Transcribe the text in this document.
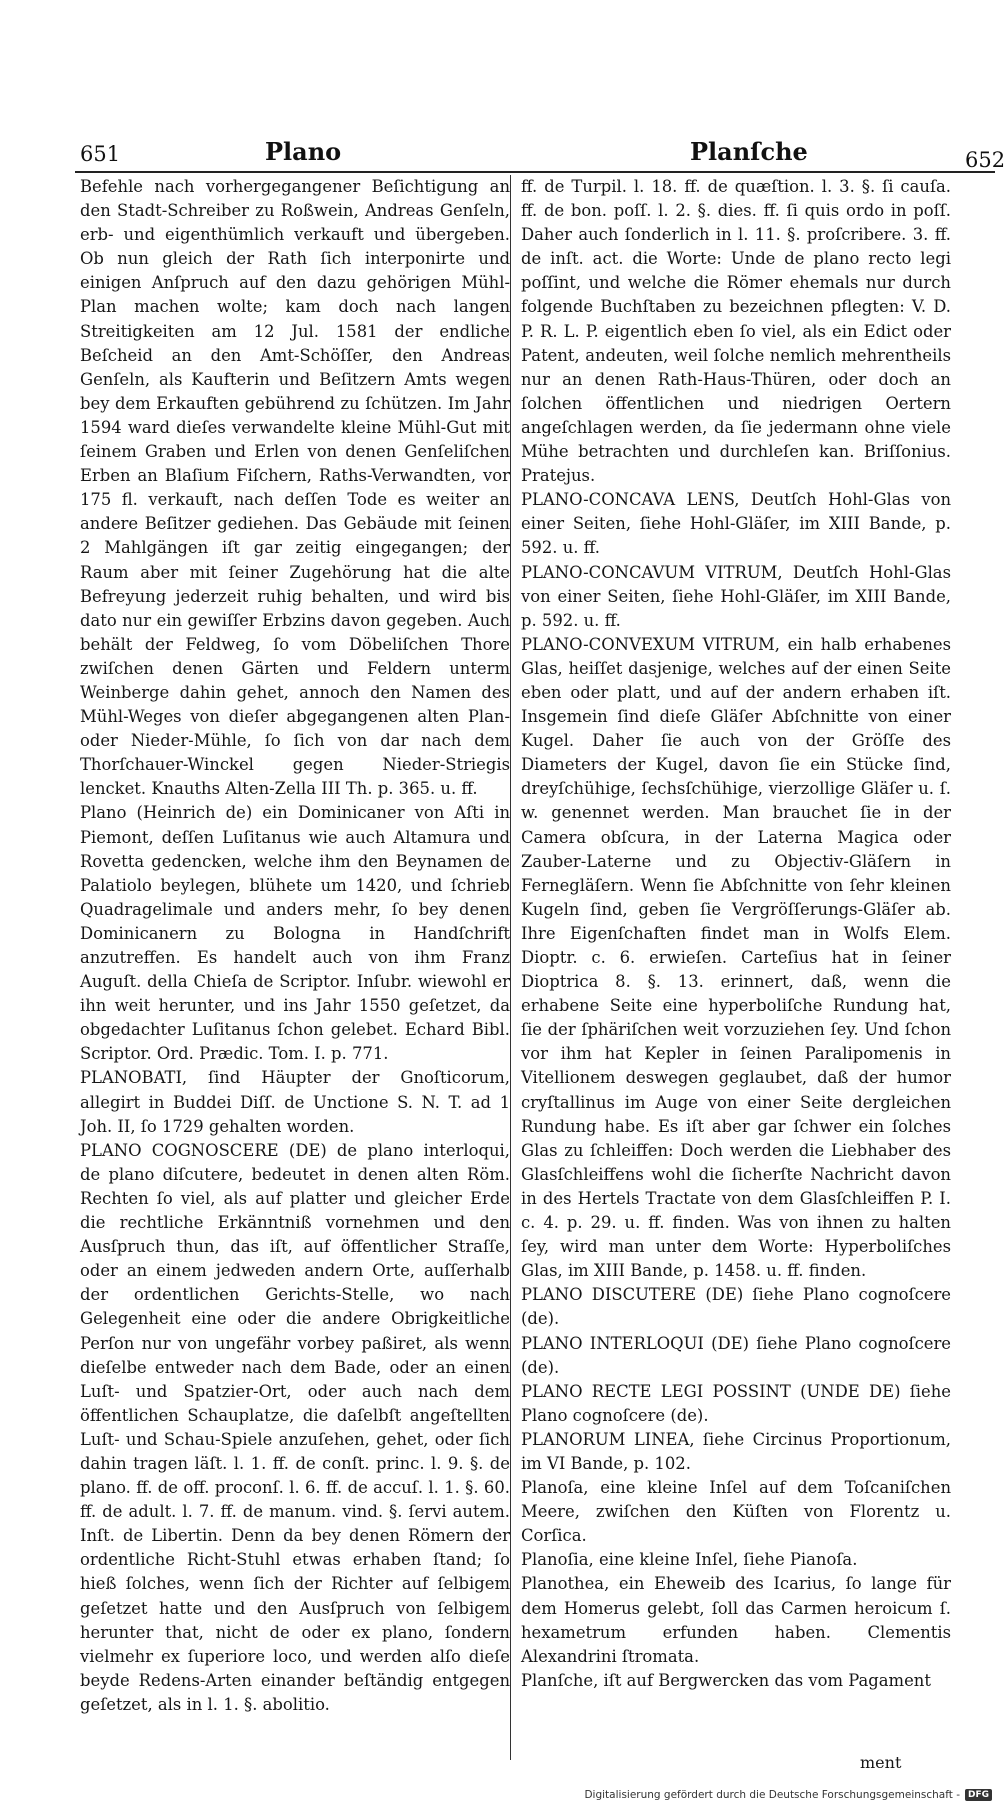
651	Plano	Planſche	652

Befehle nach vorhergegangener Beſichtigung an den Stadt-Schreiber zu Roßwein, Andreas Genſeln, erb- und eigenthümlich verkauft und übergeben. Ob nun gleich der Rath ſich interponirte und einigen Anſpruch auf den dazu gehörigen Mühl-Plan machen wolte; kam doch nach langen Streitigkeiten am 12 Jul. 1581 der endliche Beſcheid an den Amt-Schöſſer, den Andreas Genſeln, als Kaufterin und Beſitzern Amts wegen bey dem Erkauften gebührend zu ſchützen. Im Jahr 1594 ward dieſes verwandelte kleine Mühl-Gut mit ſeinem Graben und Erlen von denen Genſeliſchen Erben an Blaſium Fiſchern, Raths-Verwandten, vor 175 fl. verkauft, nach deſſen Tode es weiter an andere Beſitzer gediehen. Das Gebäude mit ſeinen 2 Mahlgängen iſt gar zeitig eingegangen; der Raum aber mit ſeiner Zugehörung hat die alte Befreyung jederzeit ruhig behalten, und wird bis dato nur ein gewiſſer Erbzins davon gegeben. Auch behält der Feldweg, ſo vom Döbeliſchen Thore zwiſchen denen Gärten und Feldern unterm Weinberge dahin gehet, annoch den Namen des Mühl-Weges von dieſer abgegangenen alten Plan- oder Nieder-Mühle, ſo ſich von dar nach dem Thorſchauer-Winckel gegen Nieder-Striegis lencket. Knauths Alten-Zella III Th. p. 365. u. ff.

Plano (Heinrich de) ein Dominicaner von Aſti in Piemont, deſſen Luſitanus wie auch Altamura und Rovetta gedencken, welche ihm den Beynamen de Palatiolo beylegen, blühete um 1420, und ſchrieb Quadragelimale und anders mehr, ſo bey denen Dominicanern zu Bologna in Handſchrift anzutreffen. Es handelt auch von ihm Franz Auguſt. della Chieſa de Scriptor. Inſubr. wiewohl er ihn weit herunter, und ins Jahr 1550 geſetzet, da obgedachter Luſitanus ſchon gelebet. Echard Bibl. Scriptor. Ord. Prædic. Tom. I. p. 771.

PLANOBATI, ſind Häupter der Gnoſticorum, allegirt in Buddei Diſſ. de Unctione S. N. T. ad 1 Joh. II, ſo 1729 gehalten worden.

PLANO COGNOSCERE (DE) de plano interloqui, de plano diſcutere, bedeutet in denen alten Röm. Rechten ſo viel, als auf platter und gleicher Erde die rechtliche Erkänntniß vornehmen und den Ausſpruch thun, das iſt, auf öffentlicher Straſſe, oder an einem jedweden andern Orte, auſſerhalb der ordentlichen Gerichts-Stelle, wo nach Gelegenheit eine oder die andere Obrigkeitliche Perſon nur von ungefähr vorbey paßiret, als wenn dieſelbe entweder nach dem Bade, oder an einen Luſt- und Spatzier-Ort, oder auch nach dem öffentlichen Schauplatze, die daſelbſt angeſtellten Luſt- und Schau-Spiele anzuſehen, gehet, oder ſich dahin tragen läſt. l. 1. ff. de conſt. princ. l. 9. §. de plano. ff. de off. proconſ. l. 6. ff. de accuſ. l. 1. §. 60. ff. de adult. l. 7. ff. de manum. vind. §. ſervi autem. Inſt. de Libertin. Denn da bey denen Römern der ordentliche Richt-Stuhl etwas erhaben ſtand; ſo hieß ſolches, wenn ſich der Richter auf ſelbigem geſetzet hatte und den Ausſpruch von ſelbigem herunter that, nicht de oder ex plano, ſondern vielmehr ex ſuperiore loco, und werden alſo dieſe beyde Redens-Arten einander beſtändig entgegen geſetzet, als in l. 1. §. abolitio.

ff. de Turpil. l. 18. ff. de quæſtion. l. 3. §. ſi cauſa. ff. de bon. poſſ. l. 2. §. dies. ff. ſi quis ordo in poſſ. Daher auch ſonderlich in l. 11. §. proſcribere. 3. ff. de inſt. act. die Worte: Unde de plano recto legi poſſint, und welche die Römer ehemals nur durch folgende Buchſtaben zu bezeichnen pflegten: V. D. P. R. L. P. eigentlich eben ſo viel, als ein Edict oder Patent, andeuten, weil ſolche nemlich mehrentheils nur an denen Rath-Haus-Thüren, oder doch an ſolchen öffentlichen und niedrigen Oertern angeſchlagen werden, da ſie jedermann ohne viele Mühe betrachten und durchleſen kan. Briſſonius. Pratejus.

PLANO-CONCAVA LENS, Deutſch Hohl-Glas von einer Seiten, ſiehe Hohl-Gläſer, im XIII Bande, p. 592. u. ff.

PLANO-CONCAVUM VITRUM, Deutſch Hohl-Glas von einer Seiten, ſiehe Hohl-Gläſer, im XIII Bande, p. 592. u. ff.

PLANO-CONVEXUM VITRUM, ein halb erhabenes Glas, heiſſet dasjenige, welches auf der einen Seite eben oder platt, und auf der andern erhaben iſt. Insgemein ſind dieſe Gläſer Abſchnitte von einer Kugel. Daher ſie auch von der Gröſſe des Diameters der Kugel, davon ſie ein Stücke ſind, dreyſchühige, ſechsſchühige, vierzollige Gläſer u. ſ. w. genennet werden. Man brauchet ſie in der Camera obſcura, in der Laterna Magica oder Zauber-Laterne und zu Objectiv-Gläſern in Fernegläſern. Wenn ſie Abſchnitte von ſehr kleinen Kugeln ſind, geben ſie Vergröſſerungs-Gläſer ab. Ihre Eigenſchaften findet man in Wolfs Elem. Dioptr. c. 6. erwieſen. Carteſius hat in ſeiner Dioptrica 8. §. 13. erinnert, daß, wenn die erhabene Seite eine hyperboliſche Rundung hat, ſie der ſphäriſchen weit vorzuziehen ſey. Und ſchon vor ihm hat Kepler in ſeinen Paralipomenis in Vitellionem deswegen geglaubet, daß der humor cryſtallinus im Auge von einer Seite dergleichen Rundung habe. Es iſt aber gar ſchwer ein ſolches Glas zu ſchleiffen: Doch werden die Liebhaber des Glasſchleiffens wohl die ſicherſte Nachricht davon in des Hertels Tractate von dem Glasſchleiffen P. I. c. 4. p. 29. u. ff. finden. Was von ihnen zu halten ſey, wird man unter dem Worte: Hyperboliſches Glas, im XIII Bande, p. 1458. u. ff. finden.

PLANO DISCUTERE (DE) ſiehe Plano cognoſcere (de).

PLANO INTERLOQUI (DE) ſiehe Plano cognoſcere (de).

PLANO RECTE LEGI POSSINT (UNDE DE) ſiehe Plano cognoſcere (de).

PLANORUM LINEA, ſiehe Circinus Proportionum, im VI Bande, p. 102.

Planoſa, eine kleine Inſel auf dem Toſcaniſchen Meere, zwiſchen den Küſten von Florentz u. Corſica.

Planoſia, eine kleine Inſel, ſiehe Pianoſa.

Planothea, ein Eheweib des Icarius, ſo lange für dem Homerus gelebt, ſoll das Carmen heroicum ſ. hexametrum erfunden haben. Clementis Alexandrini ſtromata.

Planſche, iſt auf Bergwercken das vom Pagament

ment
Digitalisierung gefördert durch die Deutsche Forschungsgemeinschaft - DFG
